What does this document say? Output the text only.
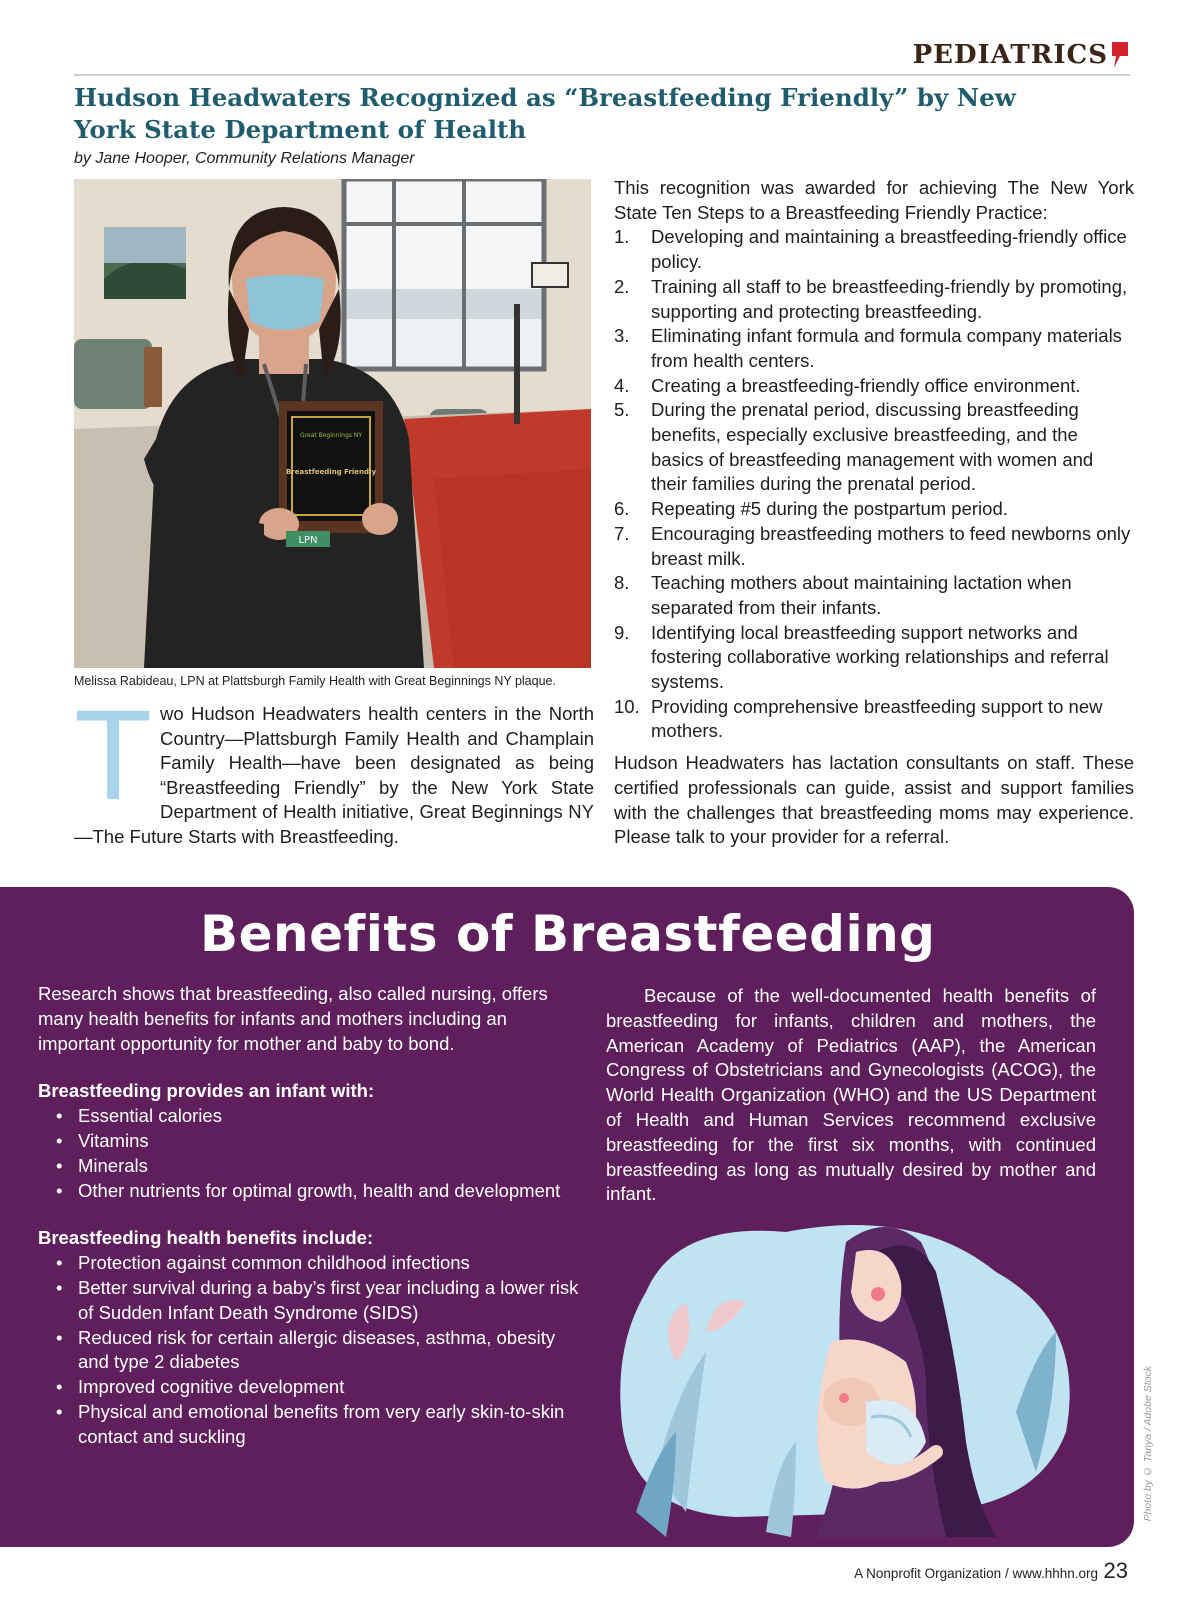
PEDIATRICS
Hudson Headwaters Recognized as “Breastfeeding Friendly” by New York State Department of Health
by Jane Hooper, Community Relations Manager
Great Beginnings NY
Breastfeeding Friendly
LPN
Melissa Rabideau, LPN at Plattsburgh Family Health with Great Beginnings NY plaque.
T wo Hudson Headwaters health centers in the North Country—Plattsburgh Family Health and Champlain Family Health—have been designated as being “Breastfeeding Friendly” by the New York State Department of Health initiative, Great Beginnings NY—The Future Starts with Breastfeeding.

This recognition was awarded for achieving The New York State Ten Steps to a Breastfeeding Friendly Practice:

1. Developing and maintaining a breastfeeding-friendly office policy.
2. Training all staff to be breastfeeding-friendly by promoting, supporting and protecting breastfeeding.
3. Eliminating infant formula and formula company materials from health centers.
4. Creating a breastfeeding-friendly office environment.
5. During the prenatal period, discussing breastfeeding benefits, especially exclusive breastfeeding, and the basics of breastfeeding management with women and their families during the prenatal period.
6. Repeating #5 during the postpartum period.
7. Encouraging breastfeeding mothers to feed newborns only breast milk.
8. Teaching mothers about maintaining lactation when separated from their infants.
9. Identifying local breastfeeding support networks and fostering collaborative working relationships and referral systems.
10. Providing comprehensive breastfeeding support to new mothers.

Hudson Headwaters has lactation consultants on staff. These certified professionals can guide, assist and support families with the challenges that breastfeeding moms may experience. Please talk to your provider for a referral.

Benefits of Breastfeeding

Research shows that breastfeeding, also called nursing, offers many health benefits for infants and mothers including an important opportunity for mother and baby to bond.

Breastfeeding provides an infant with:

• Essential calories
• Vitamins
• Minerals
• Other nutrients for optimal growth, health and development

Breastfeeding health benefits include:

• Protection against common childhood infections
• Better survival during a baby’s first year including a lower risk of Sudden Infant Death Syndrome (SIDS)
• Reduced risk for certain allergic diseases, asthma, obesity and type 2 diabetes
• Improved cognitive development
• Physical and emotional benefits from very early skin-to-skin contact and suckling

Because of the well-documented health benefits of breastfeeding for infants, children and mothers, the American Academy of Pediatrics (AAP), the American Congress of Obstetricians and Gynecologists (ACOG), the World Health Organization (WHO) and the US Department of Health and Human Services recommend exclusive breastfeeding for the first six months, with continued breastfeeding as long as mutually desired by mother and infant.

Photo by © Tanya / Adobe Stock
A Nonprofit Organization / www.hhhn.org 23
